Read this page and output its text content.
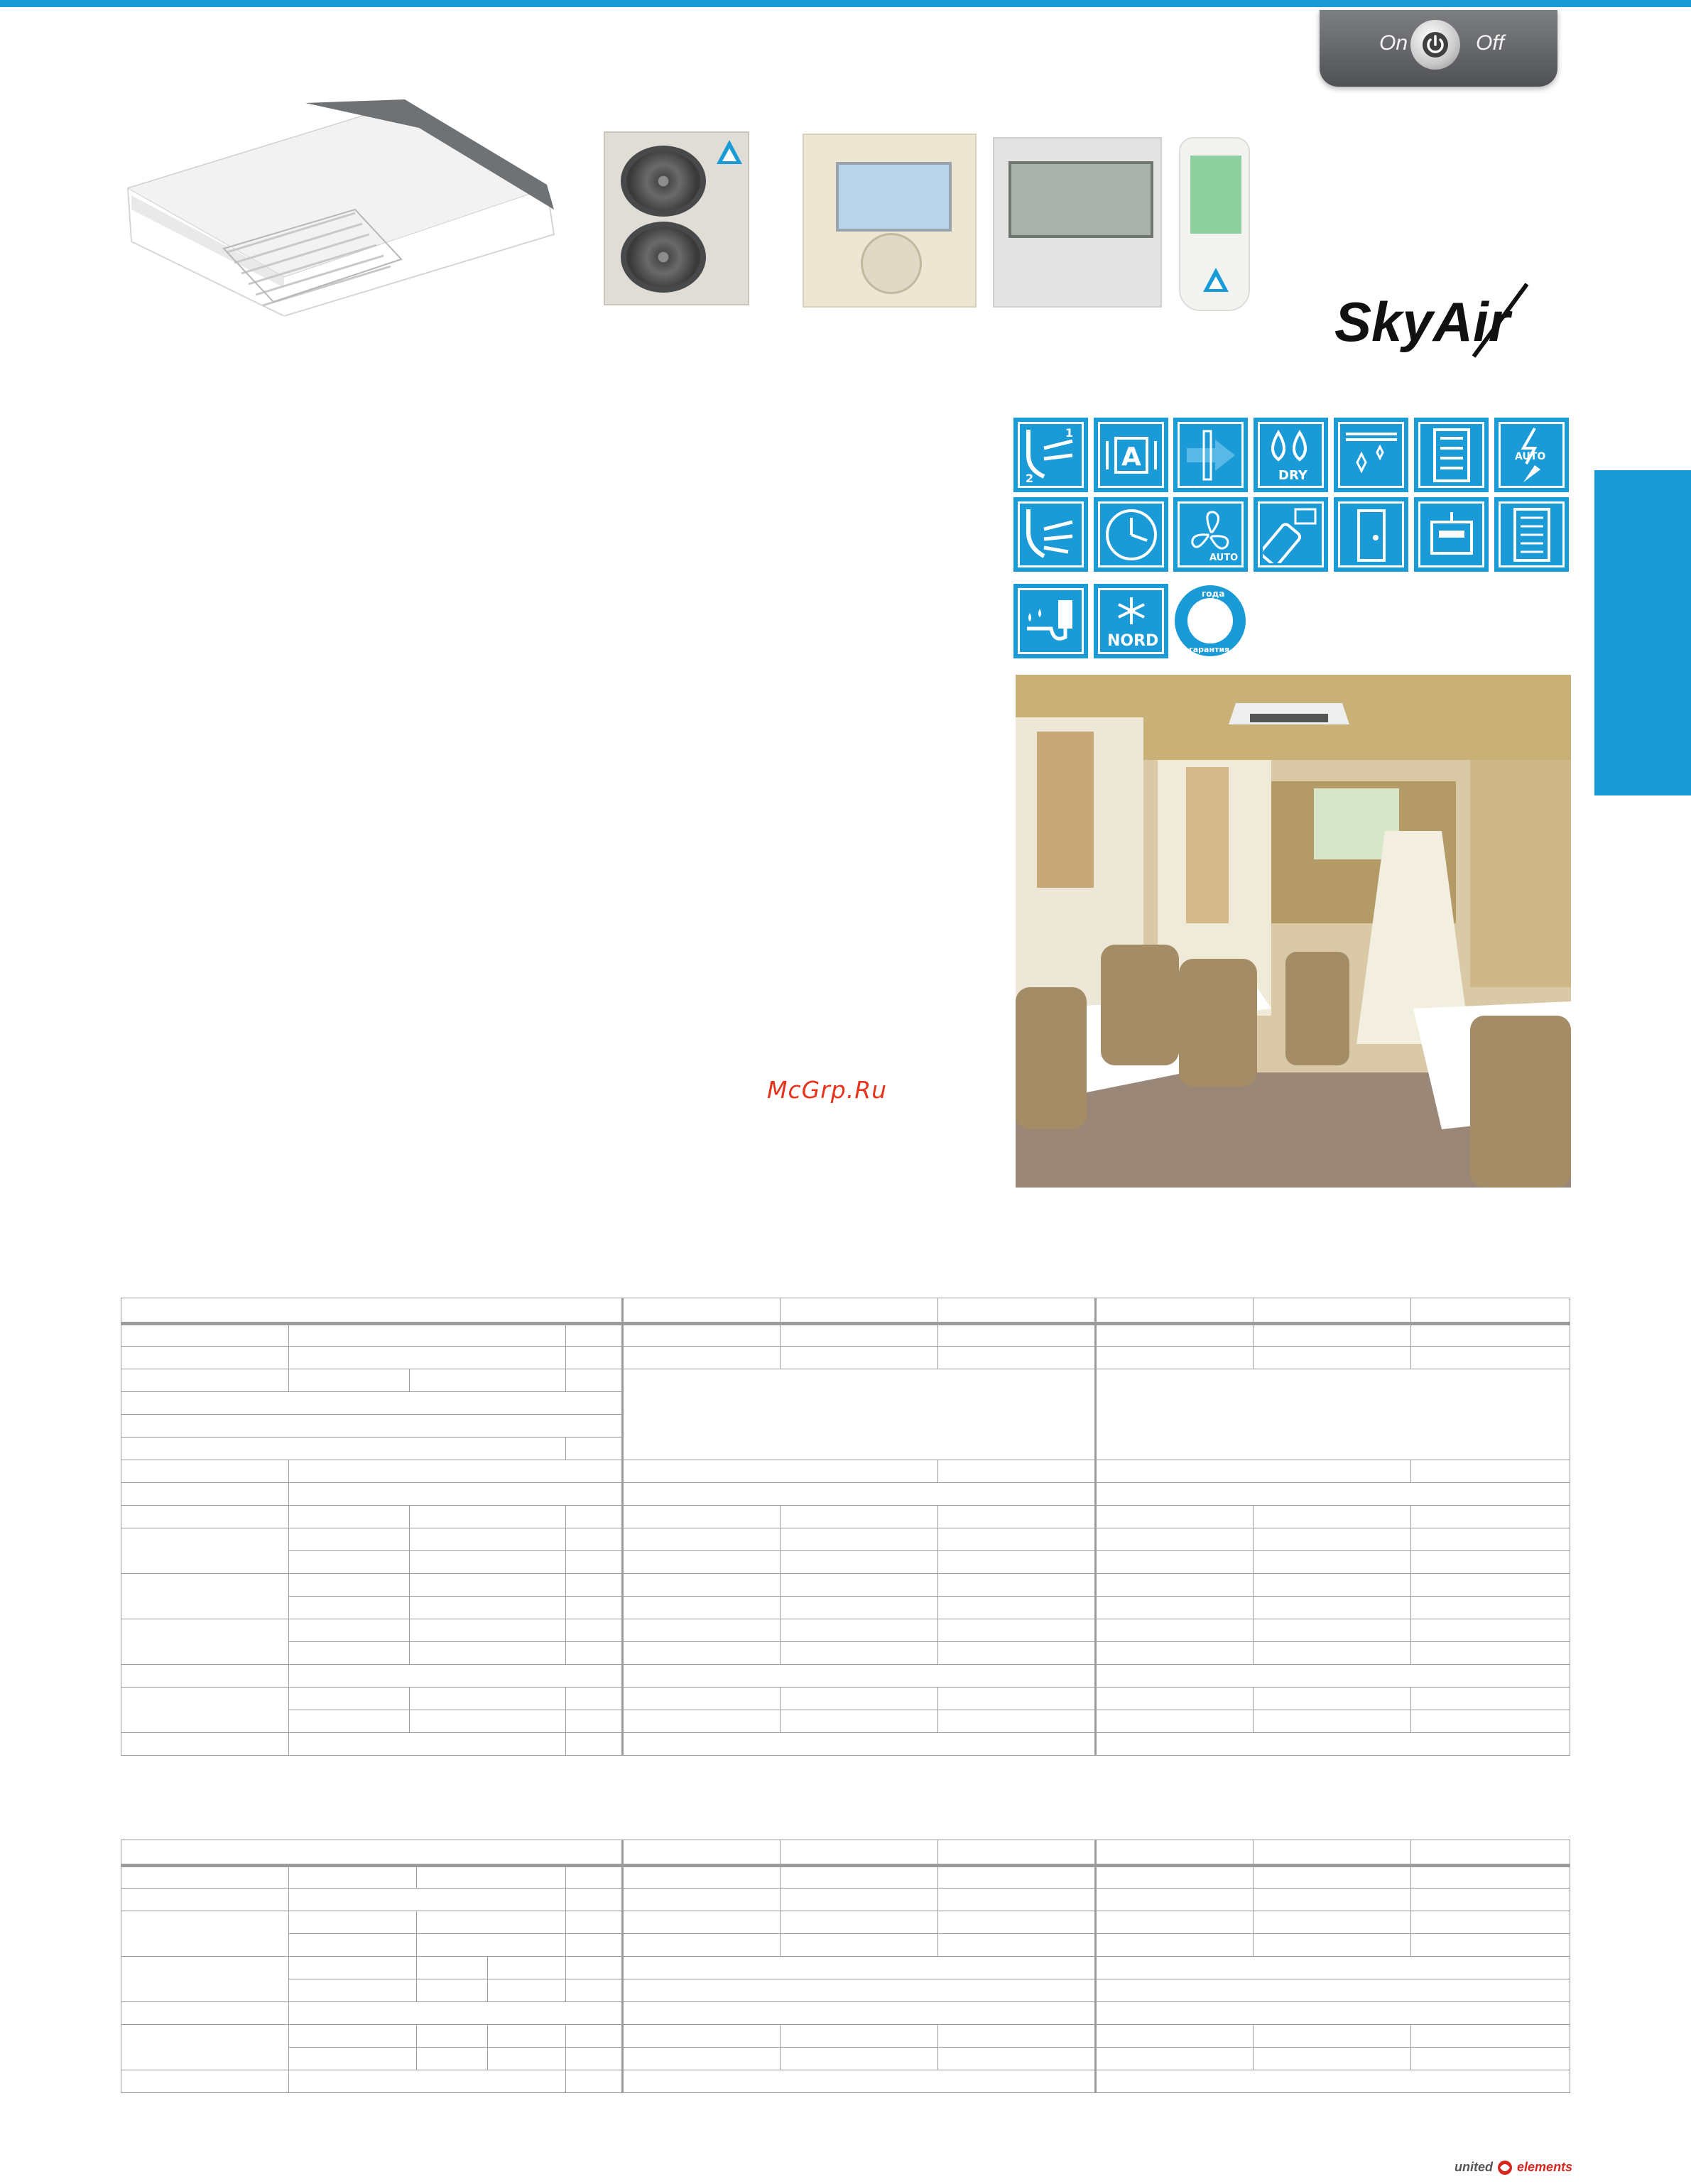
On	Off
SkyAir
1
2
A
DRY
AUTO
AUTO
NORD
года
гарантия
McGrp.Ru

united elements
